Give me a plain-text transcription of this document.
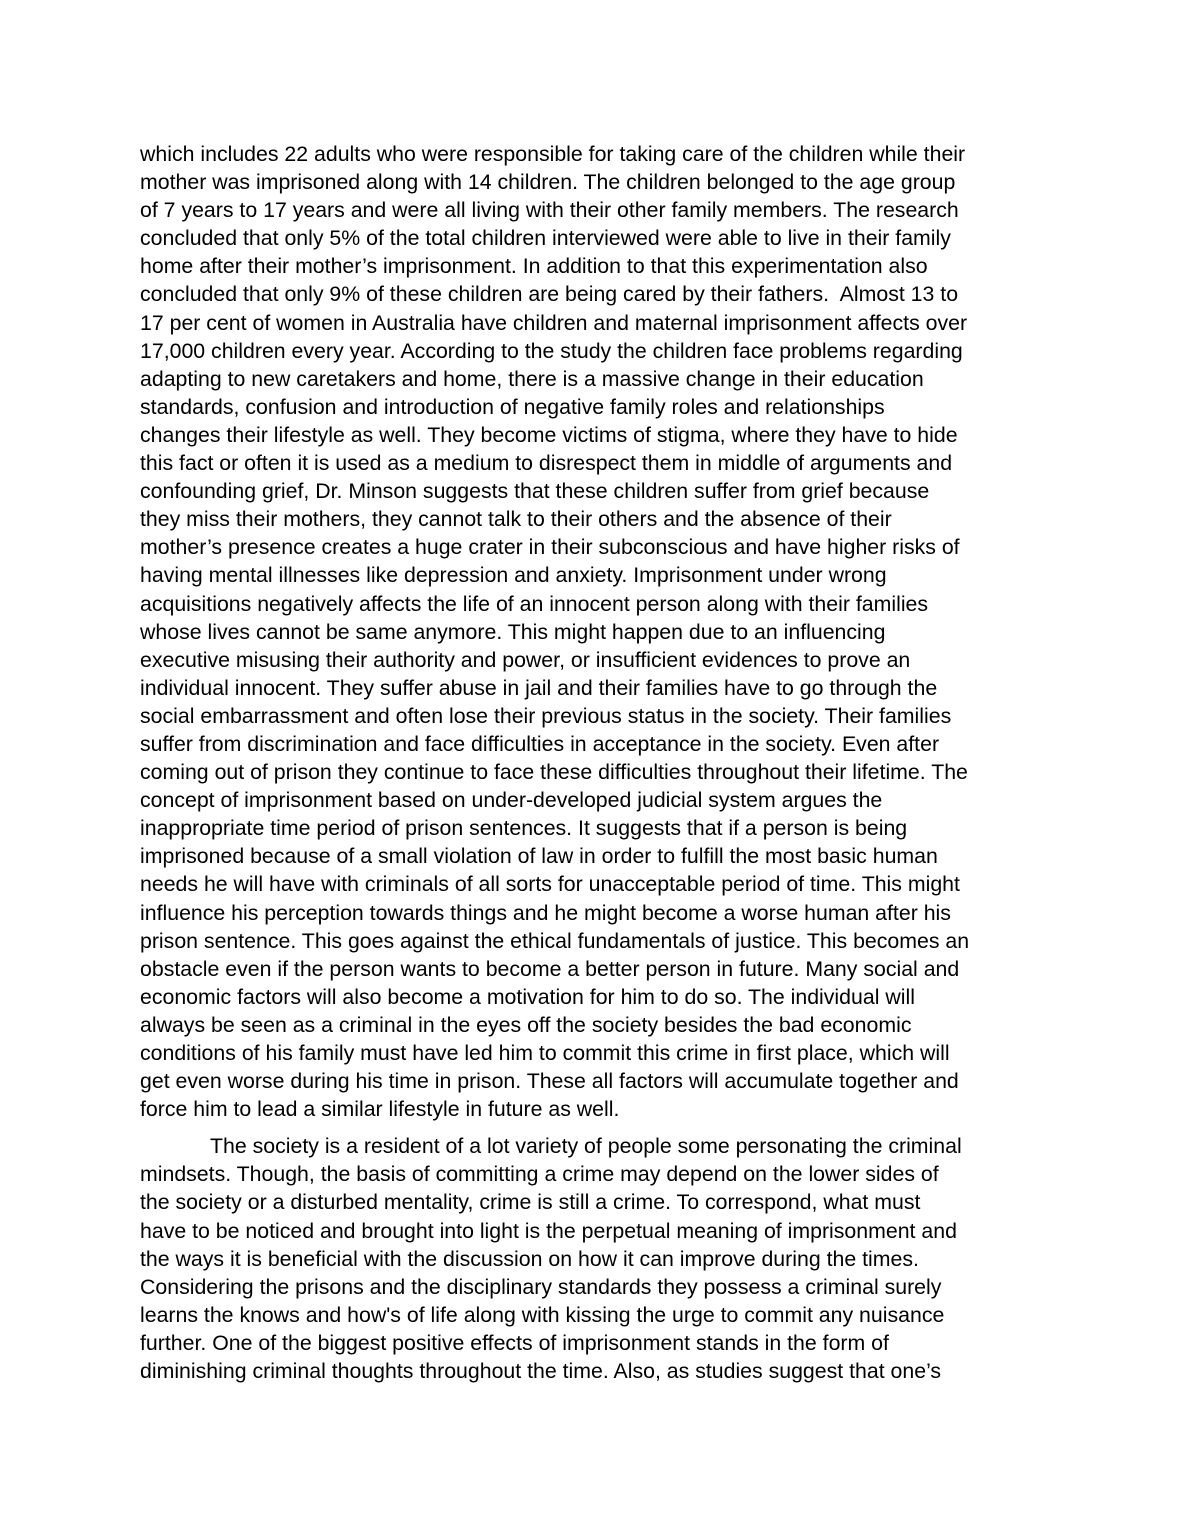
which includes 22 adults who were responsible for taking care of the children while their
mother was imprisoned along with 14 children. The children belonged to the age group
of 7 years to 17 years and were all living with their other family members. The research
concluded that only 5% of the total children interviewed were able to live in their family
home after their mother’s imprisonment. In addition to that this experimentation also
concluded that only 9% of these children are being cared by their fathers.  Almost 13 to
17 per cent of women in Australia have children and maternal imprisonment affects over
17,000 children every year. According to the study the children face problems regarding
adapting to new caretakers and home, there is a massive change in their education
standards, confusion and introduction of negative family roles and relationships
changes their lifestyle as well. They become victims of stigma, where they have to hide
this fact or often it is used as a medium to disrespect them in middle of arguments and
confounding grief, Dr. Minson suggests that these children suffer from grief because
they miss their mothers, they cannot talk to their others and the absence of their
mother’s presence creates a huge crater in their subconscious and have higher risks of
having mental illnesses like depression and anxiety. Imprisonment under wrong
acquisitions negatively affects the life of an innocent person along with their families
whose lives cannot be same anymore. This might happen due to an influencing
executive misusing their authority and power, or insufficient evidences to prove an
individual innocent. They suffer abuse in jail and their families have to go through the
social embarrassment and often lose their previous status in the society. Their families
suffer from discrimination and face difficulties in acceptance in the society. Even after
coming out of prison they continue to face these difficulties throughout their lifetime. The
concept of imprisonment based on under-developed judicial system argues the
inappropriate time period of prison sentences. It suggests that if a person is being
imprisoned because of a small violation of law in order to fulfill the most basic human
needs he will have with criminals of all sorts for unacceptable period of time. This might
influence his perception towards things and he might become a worse human after his
prison sentence. This goes against the ethical fundamentals of justice. This becomes an
obstacle even if the person wants to become a better person in future. Many social and
economic factors will also become a motivation for him to do so. The individual will
always be seen as a criminal in the eyes off the society besides the bad economic
conditions of his family must have led him to commit this crime in first place, which will
get even worse during his time in prison. These all factors will accumulate together and
force him to lead a similar lifestyle in future as well.
The society is a resident of a lot variety of people some personating the criminal
mindsets. Though, the basis of committing a crime may depend on the lower sides of
the society or a disturbed mentality, crime is still a crime. To correspond, what must
have to be noticed and brought into light is the perpetual meaning of imprisonment and
the ways it is beneficial with the discussion on how it can improve during the times.
Considering the prisons and the disciplinary standards they possess a criminal surely
learns the knows and how's of life along with kissing the urge to commit any nuisance
further. One of the biggest positive effects of imprisonment stands in the form of
diminishing criminal thoughts throughout the time. Also, as studies suggest that one’s
